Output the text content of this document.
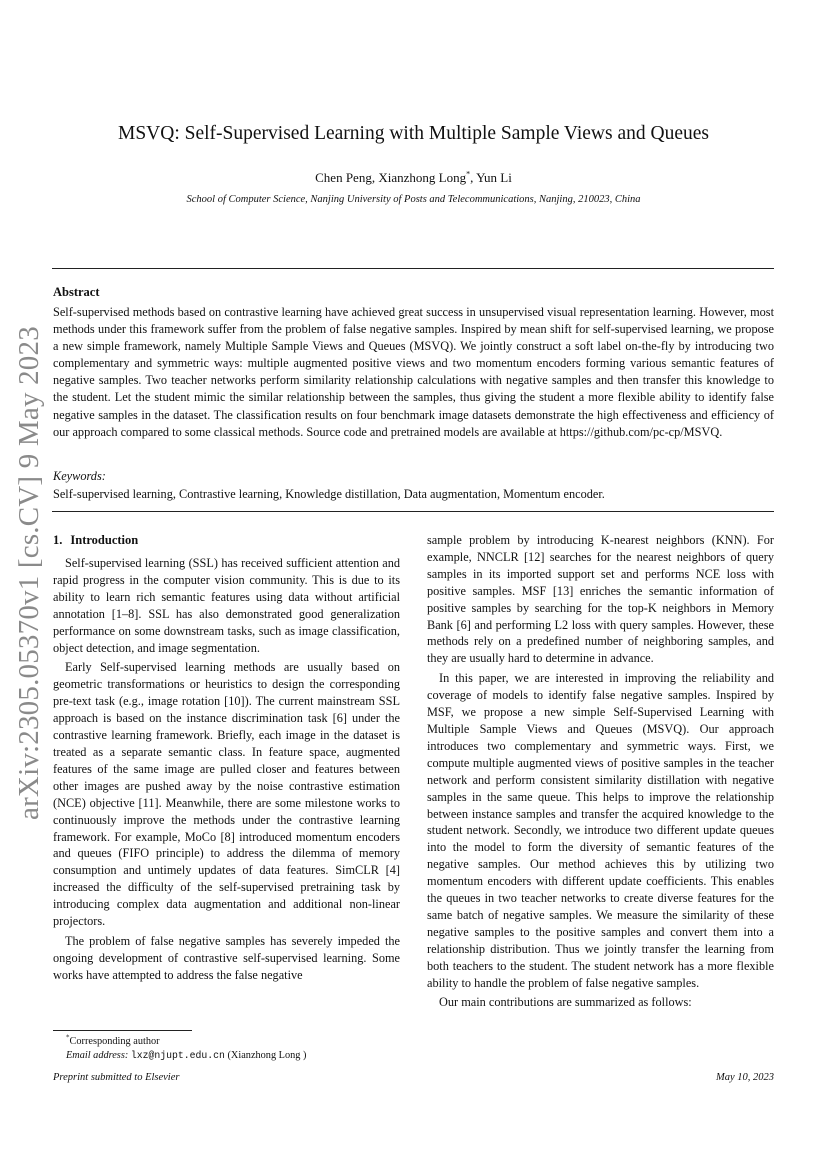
arXiv:2305.05370v1 [cs.CV] 9 May 2023
MSVQ: Self-Supervised Learning with Multiple Sample Views and Queues
Chen Peng, Xianzhong Long*, Yun Li
School of Computer Science, Nanjing University of Posts and Telecommunications, Nanjing, 210023, China
Abstract
Self-supervised methods based on contrastive learning have achieved great success in unsupervised visual representation learning. However, most methods under this framework suffer from the problem of false negative samples. Inspired by mean shift for self-supervised learning, we propose a new simple framework, namely Multiple Sample Views and Queues (MSVQ). We jointly construct a soft label on-the-fly by introducing two complementary and symmetric ways: multiple augmented positive views and two momentum encoders forming various semantic features of negative samples. Two teacher networks perform similarity relationship calculations with negative samples and then transfer this knowledge to the student. Let the student mimic the similar relationship between the samples, thus giving the student a more flexible ability to identify false negative samples in the dataset. The classification results on four benchmark image datasets demonstrate the high effectiveness and efficiency of our approach compared to some classical methods. Source code and pretrained models are available at https://github.com/pc-cp/MSVQ.
Keywords:
Self-supervised learning, Contrastive learning, Knowledge distillation, Data augmentation, Momentum encoder.
1. Introduction

Self-supervised learning (SSL) has received sufficient attention and rapid progress in the computer vision community. This is due to its ability to learn rich semantic features using data without artificial annotation [1–8]. SSL has also demonstrated good generalization performance on some downstream tasks, such as image classification, object detection, and image segmentation.

Early Self-supervised learning methods are usually based on geometric transformations or heuristics to design the corresponding pre-text task (e.g., image rotation [10]). The current mainstream SSL approach is based on the instance discrimination task [6] under the contrastive learning framework. Briefly, each image in the dataset is treated as a separate semantic class. In feature space, augmented features of the same image are pulled closer and features between other images are pushed away by the noise contrastive estimation (NCE) objective [11]. Meanwhile, there are some milestone works to continuously improve the methods under the contrastive learning framework. For example, MoCo [8] introduced momentum encoders and queues (FIFO principle) to address the dilemma of memory consumption and untimely updates of data features. SimCLR [4] increased the difficulty of the self-supervised pretraining task by introducing complex data augmentation and additional non-linear projectors.

The problem of false negative samples has severely impeded the ongoing development of contrastive self-supervised learning. Some works have attempted to address the false negative

sample problem by introducing K-nearest neighbors (KNN). For example, NNCLR [12] searches for the nearest neighbors of query samples in its imported support set and performs NCE loss with positive samples. MSF [13] enriches the semantic information of positive samples by searching for the top-K neighbors in Memory Bank [6] and performing L2 loss with query samples. However, these methods rely on a predefined number of neighboring samples, and they are usually hard to determine in advance.

In this paper, we are interested in improving the reliability and coverage of models to identify false negative samples. Inspired by MSF, we propose a new simple Self-Supervised Learning with Multiple Sample Views and Queues (MSVQ). Our approach introduces two complementary and symmetric ways. First, we compute multiple augmented views of positive samples in the teacher network and perform consistent similarity distillation with negative samples in the same queue. This helps to improve the relationship between instance samples and transfer the acquired knowledge to the student network. Secondly, we introduce two different update queues into the model to form the diversity of semantic features of the negative samples. Our method achieves this by utilizing two momentum encoders with different update coefficients. This enables the queues in two teacher networks to create diverse features for the same batch of negative samples. We measure the similarity of these negative samples to the positive samples and convert them into a relationship distribution. Thus we jointly transfer the learning from both teachers to the student. The student network has a more flexible ability to handle the problem of false negative samples.

Our main contributions are summarized as follows:

*Corresponding author
Email address: lxz@njupt.edu.cn (Xianzhong Long )
Preprint submitted to Elsevier	May 10, 2023
